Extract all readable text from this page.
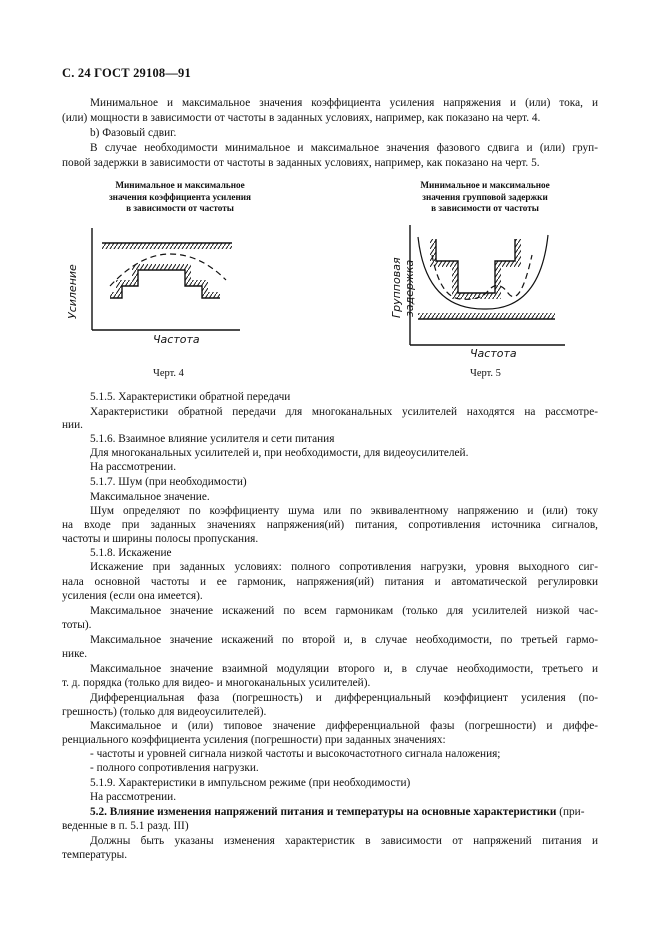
С. 24 ГОСТ 29108—91
Минимальное и максимальное значения коэффициента усиления напряжения и (или) тока, и
(или) мощности в зависимости от частоты в заданных условиях, например, как показано на черт. 4.
b) Фазовый сдвиг.
В случае необходимости минимальное и максимальное значения фазового сдвига и (или) груп-
повой задержки в зависимости от частоты в заданных условиях, например, как показано на черт. 5.
Минимальное и максимальное
значения коэффициента усиления
в зависимости от частоты
Усиление
Частота
Черт. 4
Минимальное и максимальное
значения групповой задержки
в зависимости от частоты
Групповая задержка
Частота
Черт. 5
5.1.5. Характеристики обратной передачи
Характеристики обратной передачи для многоканальных усилителей находятся на рассмотре-
нии.
5.1.6. Взаимное влияние усилителя и сети питания
Для многоканальных усилителей и, при необходимости, для видеоусилителей.
На рассмотрении.
5.1.7. Шум (при необходимости)
Максимальное значение.
Шум определяют по коэффициенту шума или по эквивалентному напряжению и (или) току
на входе при заданных значениях напряжения(ий) питания, сопротивления источника сигналов,
частоты и ширины полосы пропускания.
5.1.8. Искажение
Искажение при заданных условиях: полного сопротивления нагрузки, уровня выходного сиг-
нала основной частоты и ее гармоник, напряжения(ий) питания и автоматической регулировки
усиления (если она имеется).
Максимальное значение искажений по всем гармоникам (только для усилителей низкой час-
тоты).
Максимальное значение искажений по второй и, в случае необходимости, по третьей гармо-
нике.
Максимальное значение взаимной модуляции второго и, в случае необходимости, третьего и
т. д. порядка (только для видео- и многоканальных усилителей).
Дифференциальная фаза (погрешность) и дифференциальный коэффициент усиления (по-
грешность) (только для видеоусилителей).
Максимальное и (или) типовое значение дифференциальной фазы (погрешности) и диффе-
ренциального коэффициента усиления (погрешности) при заданных значениях:
- частоты и уровней сигнала низкой частоты и высокочастотного сигнала наложения;
- полного сопротивления нагрузки.
5.1.9. Характеристики в импульсном режиме (при необходимости)
На рассмотрении.
5.2. Влияние изменения напряжений питания и температуры на основные характеристики (при-
веденные в п. 5.1 разд. III)
Должны быть указаны изменения характеристик в зависимости от напряжений питания и
температуры.
